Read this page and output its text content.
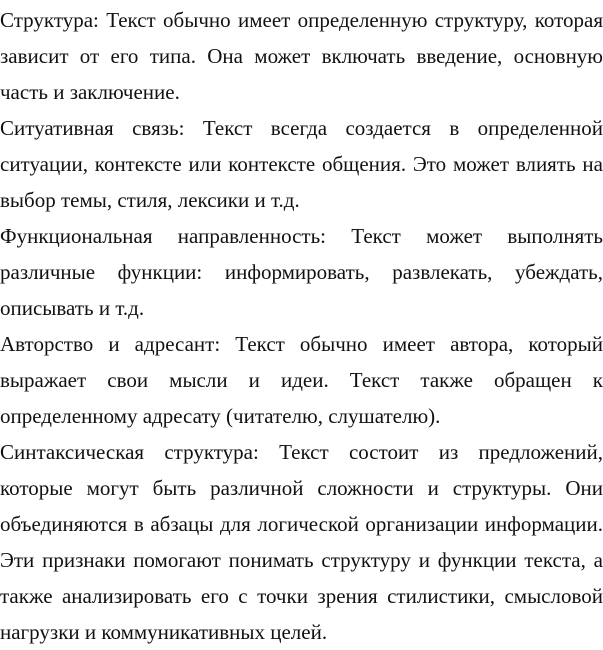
Структура: Текст обычно имеет определенную структуру, которая
зависит от его типа. Она может включать введение, основную
часть и заключение.

Ситуативная связь: Текст всегда создается в определенной
ситуации, контексте или контексте общения. Это может влиять на
выбор темы, стиля, лексики и т.д.

Функциональная направленность: Текст может выполнять
различные функции: информировать, развлекать, убеждать,
описывать и т.д.

Авторство и адресант: Текст обычно имеет автора, который
выражает свои мысли и идеи. Текст также обращен к
определенному адресату (читателю, слушателю).

Синтаксическая структура: Текст состоит из предложений,
которые могут быть различной сложности и структуры. Они
объединяются в абзацы для логической организации информации.

Эти признаки помогают понимать структуру и функции текста, а
также анализировать его с точки зрения стилистики, смысловой
нагрузки и коммуникативных целей.
